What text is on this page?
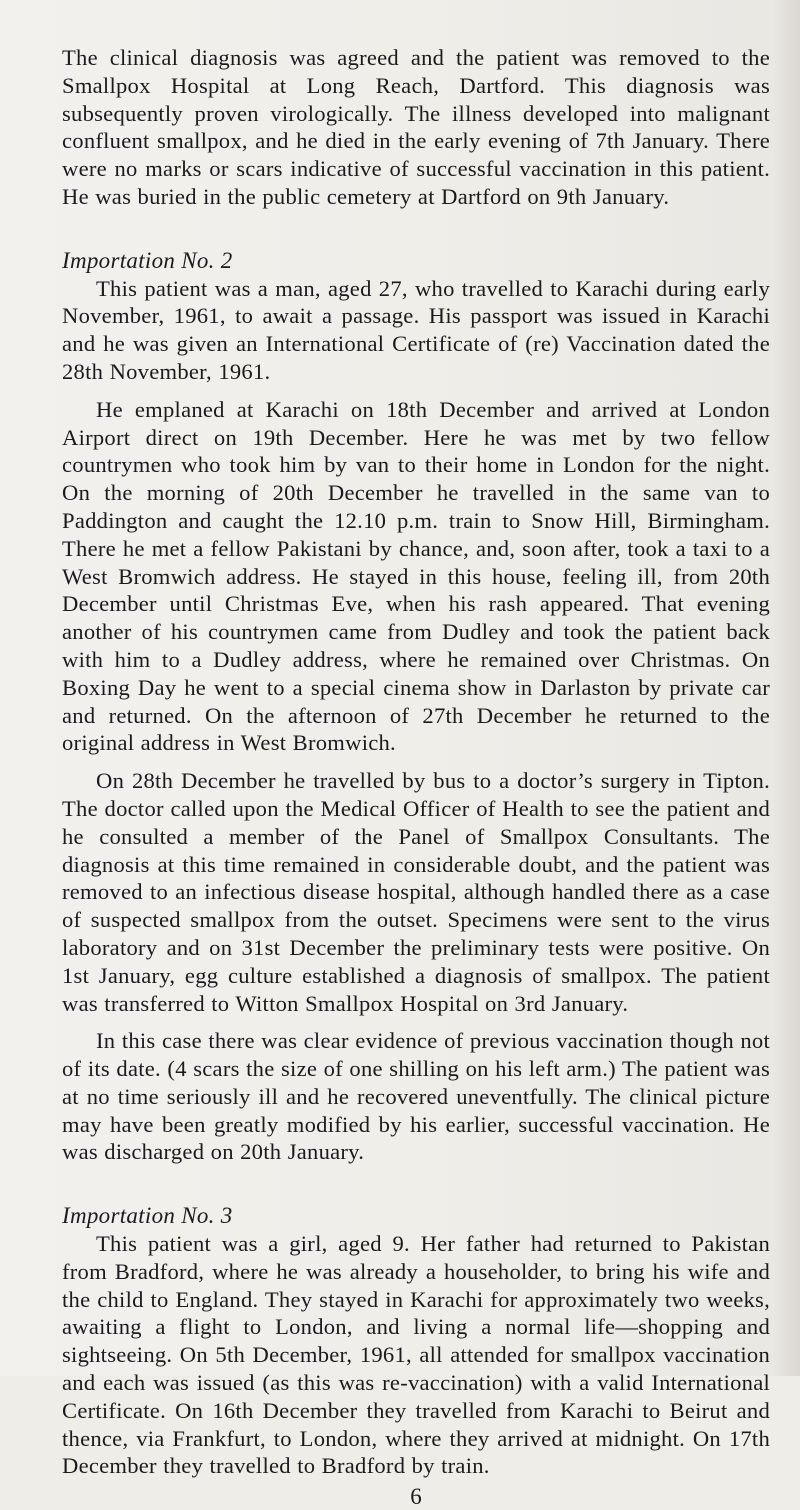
The clinical diagnosis was agreed and the patient was removed to the Smallpox Hospital at Long Reach, Dartford. This diagnosis was subsequently proven virologically. The illness developed into malignant confluent smallpox, and he died in the early evening of 7th January. There were no marks or scars indicative of successful vaccination in this patient. He was buried in the public cemetery at Dartford on 9th January.

Importation No. 2

This patient was a man, aged 27, who travelled to Karachi during early November, 1961, to await a passage. His passport was issued in Karachi and he was given an International Certificate of (re) Vaccination dated the 28th November, 1961.

He emplaned at Karachi on 18th December and arrived at London Airport direct on 19th December. Here he was met by two fellow countrymen who took him by van to their home in London for the night. On the morning of 20th December he travelled in the same van to Paddington and caught the 12.10 p.m. train to Snow Hill, Birmingham. There he met a fellow Pakistani by chance, and, soon after, took a taxi to a West Bromwich address. He stayed in this house, feeling ill, from 20th December until Christmas Eve, when his rash appeared. That evening another of his countrymen came from Dudley and took the patient back with him to a Dudley address, where he remained over Christmas. On Boxing Day he went to a special cinema show in Darlaston by private car and returned. On the afternoon of 27th December he returned to the original address in West Bromwich.

On 28th December he travelled by bus to a doctor’s surgery in Tipton. The doctor called upon the Medical Officer of Health to see the patient and he consulted a member of the Panel of Smallpox Consultants. The diagnosis at this time remained in considerable doubt, and the patient was removed to an infectious disease hospital, although handled there as a case of suspected smallpox from the outset. Specimens were sent to the virus laboratory and on 31st December the preliminary tests were positive. On 1st January, egg culture established a diagnosis of smallpox. The patient was transferred to Witton Smallpox Hospital on 3rd January.

In this case there was clear evidence of previous vaccination though not of its date. (4 scars the size of one shilling on his left arm.) The patient was at no time seriously ill and he recovered uneventfully. The clinical picture may have been greatly modified by his earlier, successful vaccination. He was discharged on 20th January.

Importation No. 3

This patient was a girl, aged 9. Her father had returned to Pakistan from Bradford, where he was already a householder, to bring his wife and the child to England. They stayed in Karachi for approximately two weeks, awaiting a flight to London, and living a normal life—shopping and sightseeing. On 5th December, 1961, all attended for smallpox vaccination and each was issued (as this was re-vaccination) with a valid International Certificate. On 16th December they travelled from Karachi to Beirut and thence, via Frankfurt, to London, where they arrived at midnight. On 17th December they travelled to Bradford by train.

6
